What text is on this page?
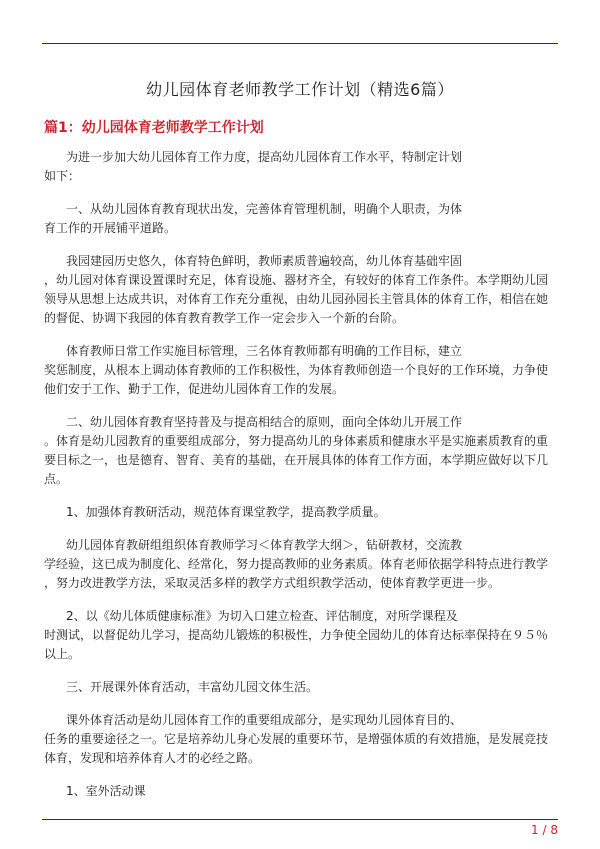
幼儿园体育老师教学工作计划（精选6篇）
篇1：幼儿园体育老师教学工作计划
为进一步加大幼儿园体育工作力度，提高幼儿园体育工作水平，特制定计划
如下：
一、从幼儿园体育教育现状出发，完善体育管理机制，明确个人职责，为体
育工作的开展铺平道路。
我园建园历史悠久，体育特色鲜明，教师素质普遍较高，幼儿体育基础牢固
，幼儿园对体育课设置课时充足，体育设施、器材齐全，有较好的体育工作条件。本学期幼儿园
领导从思想上达成共识，对体育工作充分重视，由幼儿园孙园长主管具体的体育工作，相信在她
的督促、协调下我园的体育教育教学工作一定会步入一个新的台阶。
体育教师日常工作实施目标管理，三名体育教师都有明确的工作目标，建立
奖惩制度，从根本上调动体育教师的工作积极性，为体育教师创造一个良好的工作环境，力争使
他们安于工作、勤于工作，促进幼儿园体育工作的发展。
二、幼儿园体育教育坚持普及与提高相结合的原则，面向全体幼儿开展工作
。体育是幼儿园教育的重要组成部分，努力提高幼儿的身体素质和健康水平是实施素质教育的重
要目标之一，也是德育、智育、美育的基础，在开展具体的体育工作方面，本学期应做好以下几
点。
1、加强体育教研活动，规范体育课堂教学，提高教学质量。
幼儿园体育教研组组织体育教师学习＜体育教学大纲＞，钻研教材，交流教
学经验，这已成为制度化、经常化，努力提高教师的业务素质。体育老师依据学科特点进行教学
，努力改进教学方法，采取灵活多样的教学方式组织教学活动，使体育教学更进一步。
2、以《幼儿体质健康标准》为切入口建立检查、评估制度，对所学课程及
时测试，以督促幼儿学习，提高幼儿锻炼的积极性，力争使全园幼儿的体育达标率保持在９５％
以上。
三、开展课外体育活动，丰富幼儿园文体生活。
课外体育活动是幼儿园体育工作的重要组成部分，是实现幼儿园体育目的、
任务的重要途径之一。它是培养幼儿身心发展的重要环节，是增强体质的有效措施，是发展竞技
体育，发现和培养体育人才的必经之路。
1、室外活动课
1 / 8
